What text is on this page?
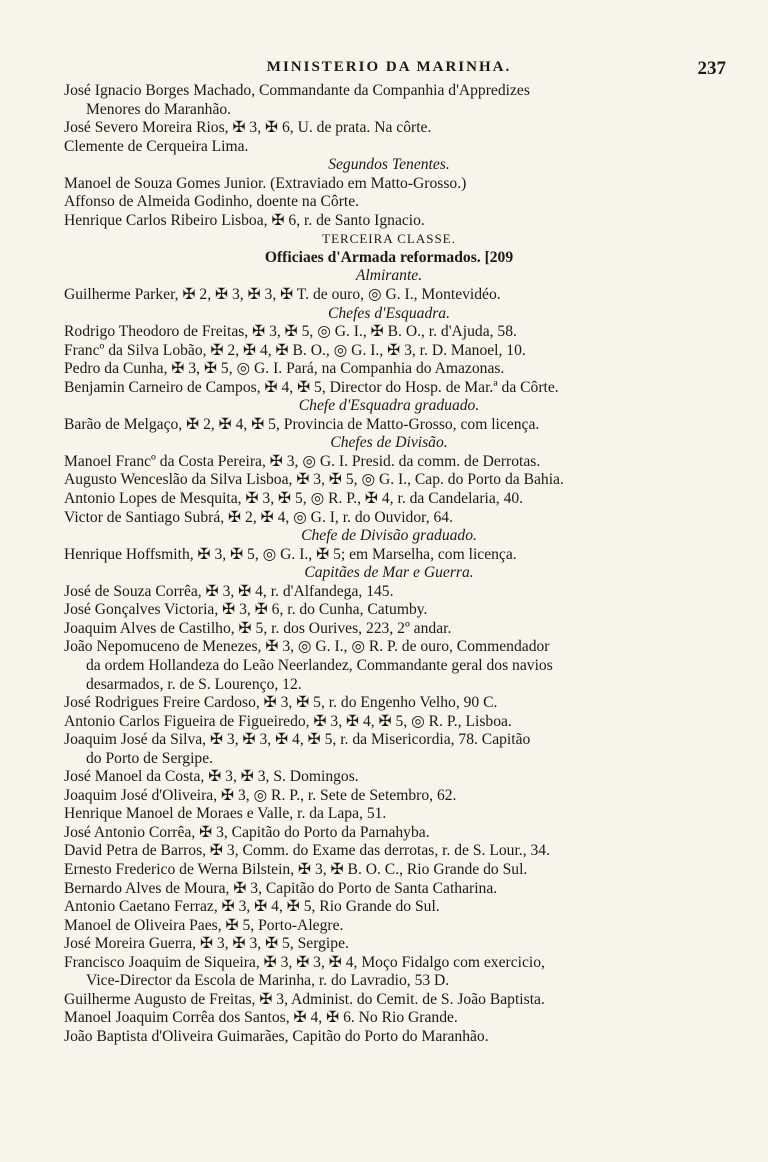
MINISTERIO DA MARINHA.	237
José Ignacio Borges Machado, Commandante da Companhia d'Appredizes
Menores do Maranhão.
José Severo Moreira Rios, ✠ 3, ✠ 6, U. de prata. Na côrte.
Clemente de Cerqueira Lima.
Segundos Tenentes.
Manoel de Souza Gomes Junior. (Extraviado em Matto-Grosso.)
Affonso de Almeida Godinho, doente na Côrte.
Henrique Carlos Ribeiro Lisboa, ✠ 6, r. de Santo Ignacio.
TERCEIRA CLASSE.
Officiaes d'Armada reformados. [209
Almirante.
Guilherme Parker, ✠ 2, ✠ 3, ✠ 3, ✠ T. de ouro, ◎ G. I., Montevidéo.
Chefes d'Esquadra.
Rodrigo Theodoro de Freitas, ✠ 3, ✠ 5, ◎ G. I., ✠ B. O., r. d'Ajuda, 58.
Francº da Silva Lobão, ✠ 2, ✠ 4, ✠ B. O., ◎ G. I., ✠ 3, r. D. Manoel, 10.
Pedro da Cunha, ✠ 3, ✠ 5, ◎ G. I. Pará, na Companhia do Amazonas.
Benjamin Carneiro de Campos, ✠ 4, ✠ 5, Director do Hosp. de Mar.ª da Côrte.
Chefe d'Esquadra graduado.
Barão de Melgaço, ✠ 2, ✠ 4, ✠ 5, Provincia de Matto-Grosso, com licença.
Chefes de Divisão.
Manoel Francº da Costa Pereira, ✠ 3, ◎ G. I. Presid. da comm. de Derrotas.
Augusto Wenceslão da Silva Lisboa, ✠ 3, ✠ 5, ◎ G. I., Cap. do Porto da Bahia.
Antonio Lopes de Mesquita, ✠ 3, ✠ 5, ◎ R. P., ✠ 4, r. da Candelaria, 40.
Victor de Santiago Subrá, ✠ 2, ✠ 4, ◎ G. I, r. do Ouvidor, 64.
Chefe de Divisão graduado.
Henrique Hoffsmith, ✠ 3, ✠ 5, ◎ G. I., ✠ 5; em Marselha, com licença.
Capitães de Mar e Guerra.
José de Souza Corrêa, ✠ 3, ✠ 4, r. d'Alfandega, 145.
José Gonçalves Victoria, ✠ 3, ✠ 6, r. do Cunha, Catumby.
Joaquim Alves de Castilho, ✠ 5, r. dos Ourives, 223, 2º andar.
João Nepomuceno de Menezes, ✠ 3, ◎ G. I., ◎ R. P. de ouro, Commendador
da ordem Hollandeza do Leão Neerlandez, Commandante geral dos navios
desarmados, r. de S. Lourenço, 12.
José Rodrigues Freire Cardoso, ✠ 3, ✠ 5, r. do Engenho Velho, 90 C.
Antonio Carlos Figueira de Figueiredo, ✠ 3, ✠ 4, ✠ 5, ◎ R. P., Lisboa.
Joaquim José da Silva, ✠ 3, ✠ 3, ✠ 4, ✠ 5, r. da Misericordia, 78. Capitão
do Porto de Sergipe.
José Manoel da Costa, ✠ 3, ✠ 3, S. Domingos.
Joaquim José d'Oliveira, ✠ 3, ◎ R. P., r. Sete de Setembro, 62.
Henrique Manoel de Moraes e Valle, r. da Lapa, 51.
José Antonio Corrêa, ✠ 3, Capitão do Porto da Parnahyba.
David Petra de Barros, ✠ 3, Comm. do Exame das derrotas, r. de S. Lour., 34.
Ernesto Frederico de Werna Bilstein, ✠ 3, ✠ B. O. C., Rio Grande do Sul.
Bernardo Alves de Moura, ✠ 3, Capitão do Porto de Santa Catharina.
Antonio Caetano Ferraz, ✠ 3, ✠ 4, ✠ 5, Rio Grande do Sul.
Manoel de Oliveira Paes, ✠ 5, Porto-Alegre.
José Moreira Guerra, ✠ 3, ✠ 3, ✠ 5, Sergipe.
Francisco Joaquim de Siqueira, ✠ 3, ✠ 3, ✠ 4, Moço Fidalgo com exercicio,
Vice-Director da Escola de Marinha, r. do Lavradio, 53 D.
Guilherme Augusto de Freitas, ✠ 3, Administ. do Cemit. de S. João Baptista.
Manoel Joaquim Corrêa dos Santos, ✠ 4, ✠ 6. No Rio Grande.
João Baptista d'Oliveira Guimarães, Capitão do Porto do Maranhão.
